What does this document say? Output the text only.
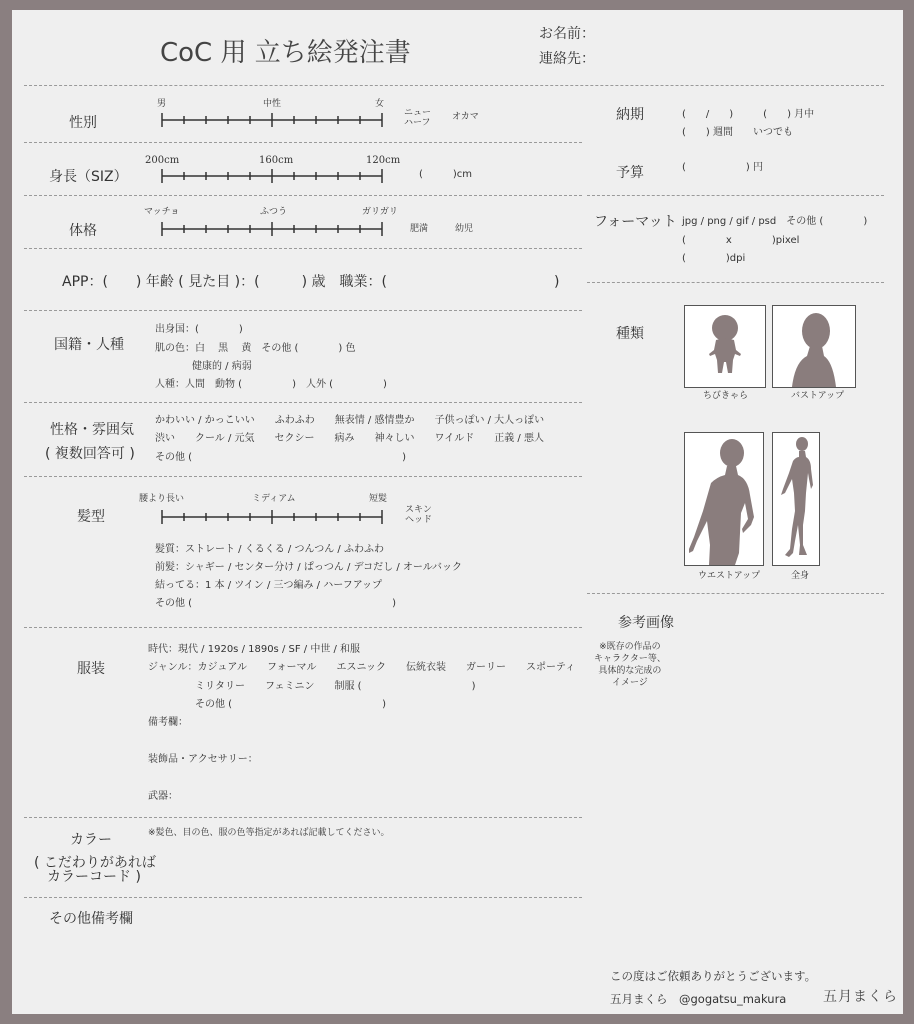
CoC 用 立ち絵発注書
お名前：
連絡先：
性別
男	中性	女
ニュー
ハーフ
オカマ
身長（SIZ）
200cm	160cm	120cm
(　　　)cm
体格
マッチョ	ふつう	ガリガリ
肥満	幼児
APP：(　　) 年齢 ( 見た目 )：(　　　) 歳　職業：(	)
国籍・人種
出身国：(　　　　)
肌の色：白　 黒　 黄　その他 (　　　　) 色
健康的 / 病弱
人種：人間　動物 (　　　　　)　人外 (　　　　　)
性格・雰囲気
( 複数回答可 )
かわいい / かっこいい　　ふわふわ　　無表情 / 感情豊か　　子供っぽい / 大人っぽい
渋い　　クール / 元気　　セクシー　　病み　　神々しい　　ワイルド　　正義 / 悪人
その他 (　　　　　　　　　　　　　　　　　　　　　)
髪型
腰より長い	ミディアム	短髪
スキン
ヘッド
髪質：ストレート / くるくる / つんつん / ふわふわ
前髪：シャギー / センター分け / ぱっつん / デコだし / オールバック
結ってる：1 本 / ツイン / 三つ編み / ハーフアップ
その他 (　　　　　　　　　　　　　　　　　　　　)
服装
時代：現代 / 1920s / 1890s / SF / 中世 / 和服
ジャンル：カジュアル　　フォーマル　　エスニック　　伝統衣装　　ガーリー　　スポーティ
ミリタリー　　フェミニン　　制服 (　　　　　　　　　　　)
その他 (　　　　　　　　　　　　　　　)
備考欄：
装飾品・アクセサリー：
武器：
カラー
( こだわりがあれば
カラーコード )
※髪色、目の色、服の色等指定があれば記載してください。
その他備考欄
納期	(　　/　　)　　　(　　) 月中
(　　) 週間　　いつでも
予算	(　　　　　　) 円
フォーマット jpg / png / gif / psd　その他 (　　　　)
(　　　　x　　　　)pixel
(　　　　)dpi
種類
ちびきゃら	バストアップ
ウエストアップ	全身
参考画像
※既存の作品の
キャラクター等、
具体的な完成の
イメージ
この度はご依頼ありがとうございます。
五月まくら　@gogatsu_makura	五月まくら
